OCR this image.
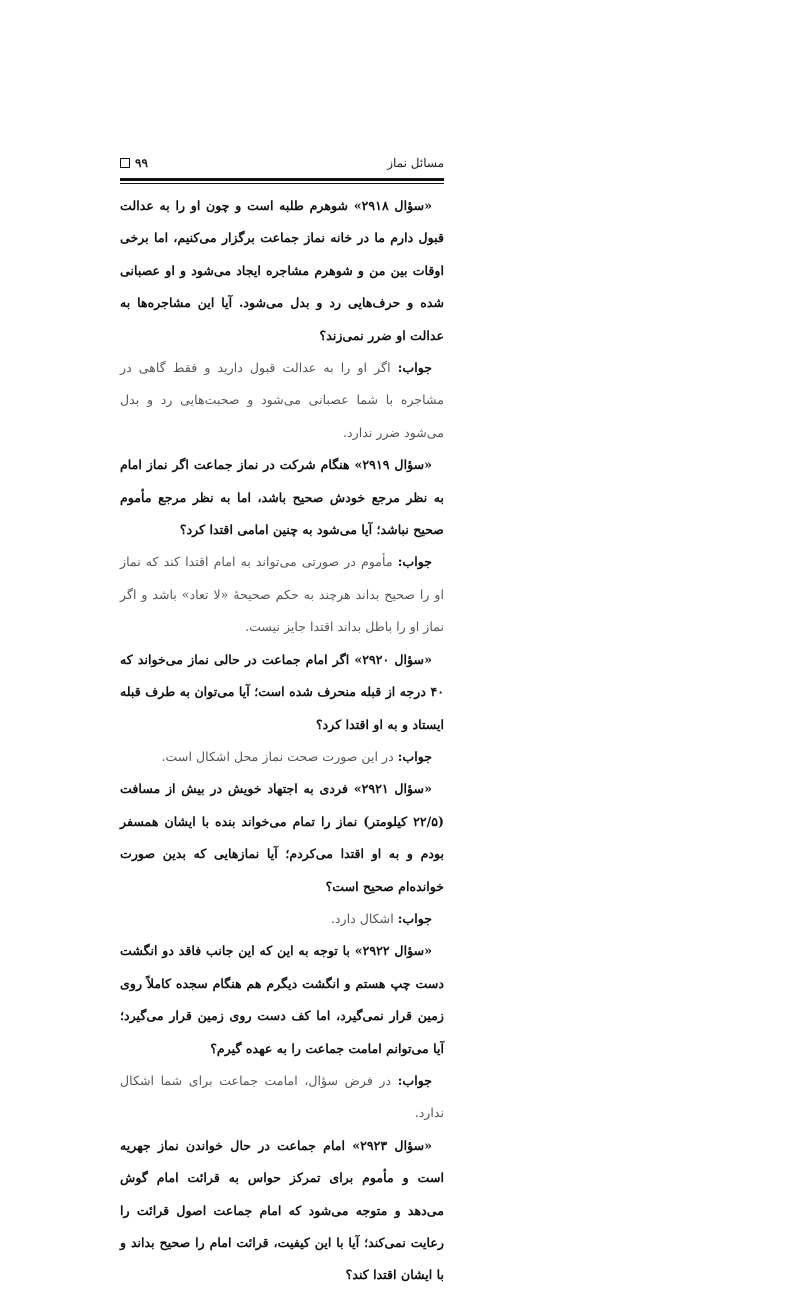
مسائل نماز
۹۹

«سؤال ۲۹۱۸» شوهرم طلبه است و چون او را به عدالت قبول دارم ما در خانه نماز جماعت برگزار می‌کنیم، اما برخی اوقات بین من و شوهرم مشاجره ایجاد می‌شود و او عصبانی شده و حرف‌هایی رد و بدل می‌شود. آیا این مشاجره‌ها به عدالت او ضرر نمی‌زند؟

جواب: اگر او را به عدالت قبول دارید و فقط گاهی در مشاجره با شما عصبانی می‌شود و صحبت‌هایی رد و بدل می‌شود ضرر ندارد.

«سؤال ۲۹۱۹» هنگام شرکت در نماز جماعت اگر نماز امام به نظر مرجع خودش صحیح باشد، اما به نظر مرجع مأموم صحیح نباشد؛ آیا می‌شود به چنین امامی اقتدا کرد؟

جواب: مأموم در صورتی می‌تواند به امام اقتدا کند که نماز او را صحیح بداند هرچند به حکم صحیحهٔ «لا تعاد» باشد و اگر نماز او را باطل بداند اقتدا جایز نیست.

«سؤال ۲۹۲۰» اگر امام جماعت در حالی نماز می‌خواند که ۴۰ درجه از قبله منحرف شده است؛ آیا می‌توان به طرف قبله ایستاد و به او اقتدا کرد؟

جواب: در این صورت صحت نماز محل اشکال است.

«سؤال ۲۹۲۱» فردی به اجتهاد خویش در بیش از مسافت (۲۲/۵ کیلومتر) نماز را تمام می‌خواند بنده با ایشان همسفر بودم و به او اقتدا می‌کردم؛ آیا نمازهایی که بدین صورت خوانده‌ام صحیح است؟

جواب: اشکال دارد.

«سؤال ۲۹۲۲» با توجه به این که این جانب فاقد دو انگشت دست چپ هستم و انگشت دیگرم هم هنگام سجده کاملاً روی زمین قرار نمی‌گیرد، اما کف دست روی زمین قرار می‌گیرد؛ آیا می‌توانم امامت جماعت را به عهده گیرم؟

جواب: در فرض سؤال، امامت جماعت برای شما اشکال ندارد.

«سؤال ۲۹۲۳» امام جماعت در حال خواندن نماز جهریه است و مأموم برای تمرکز حواس به قرائت امام گوش می‌دهد و متوجه می‌شود که امام جماعت اصول قرائت را رعایت نمی‌کند؛ آیا با این کیفیت، قرائت امام را صحیح بداند و با ایشان اقتدا کند؟
